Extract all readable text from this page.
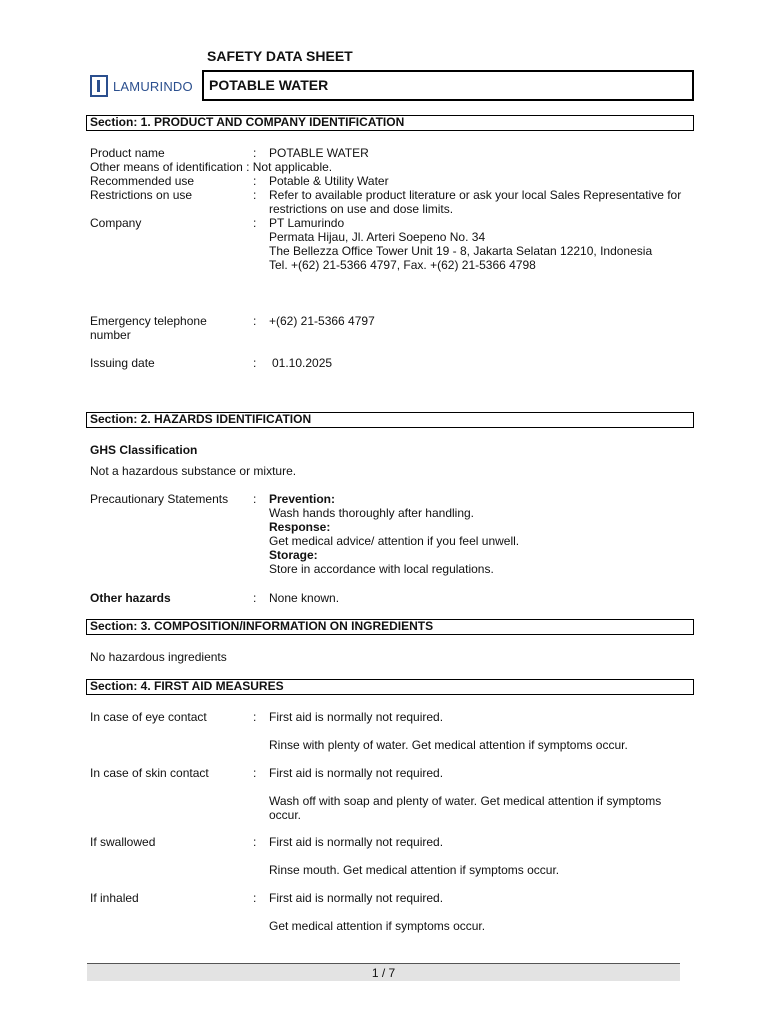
SAFETY DATA SHEET
LAMURINDO	POTABLE WATER
Section: 1. PRODUCT AND COMPANY IDENTIFICATION
Product name	: POTABLE WATER
Other means of identification : Not applicable.
Recommended use	: Potable & Utility Water
Restrictions on use	: Refer to available product literature or ask your local Sales Representative for
restrictions on use and dose limits.
Company	: PT Lamurindo
Permata Hijau, Jl. Arteri Soepeno No. 34
The Bellezza Office Tower Unit 19 - 8, Jakarta Selatan 12210, Indonesia
Tel. +(62) 21-5366 4797, Fax. +(62) 21-5366 4798
Emergency telephone
number
: +(62) 21-5366 4797
Issuing date	: 01.10.2025
Section: 2. HAZARDS IDENTIFICATION
GHS Classification
Not a hazardous substance or mixture.
Precautionary Statements : Prevention:
Wash hands thoroughly after handling.
Response:
Get medical advice/ attention if you feel unwell.
Storage:
Store in accordance with local regulations.
Other hazards	: None known.
Section: 3. COMPOSITION/INFORMATION ON INGREDIENTS
No hazardous ingredients
Section: 4. FIRST AID MEASURES
In case of eye contact	: First aid is normally not required.
Rinse with plenty of water. Get medical attention if symptoms occur.
In case of skin contact	: First aid is normally not required.
Wash off with soap and plenty of water. Get medical attention if symptoms
occur.
If swallowed	: First aid is normally not required.
Rinse mouth. Get medical attention if symptoms occur.
If inhaled	: First aid is normally not required.
Get medical attention if symptoms occur.
1 / 7
